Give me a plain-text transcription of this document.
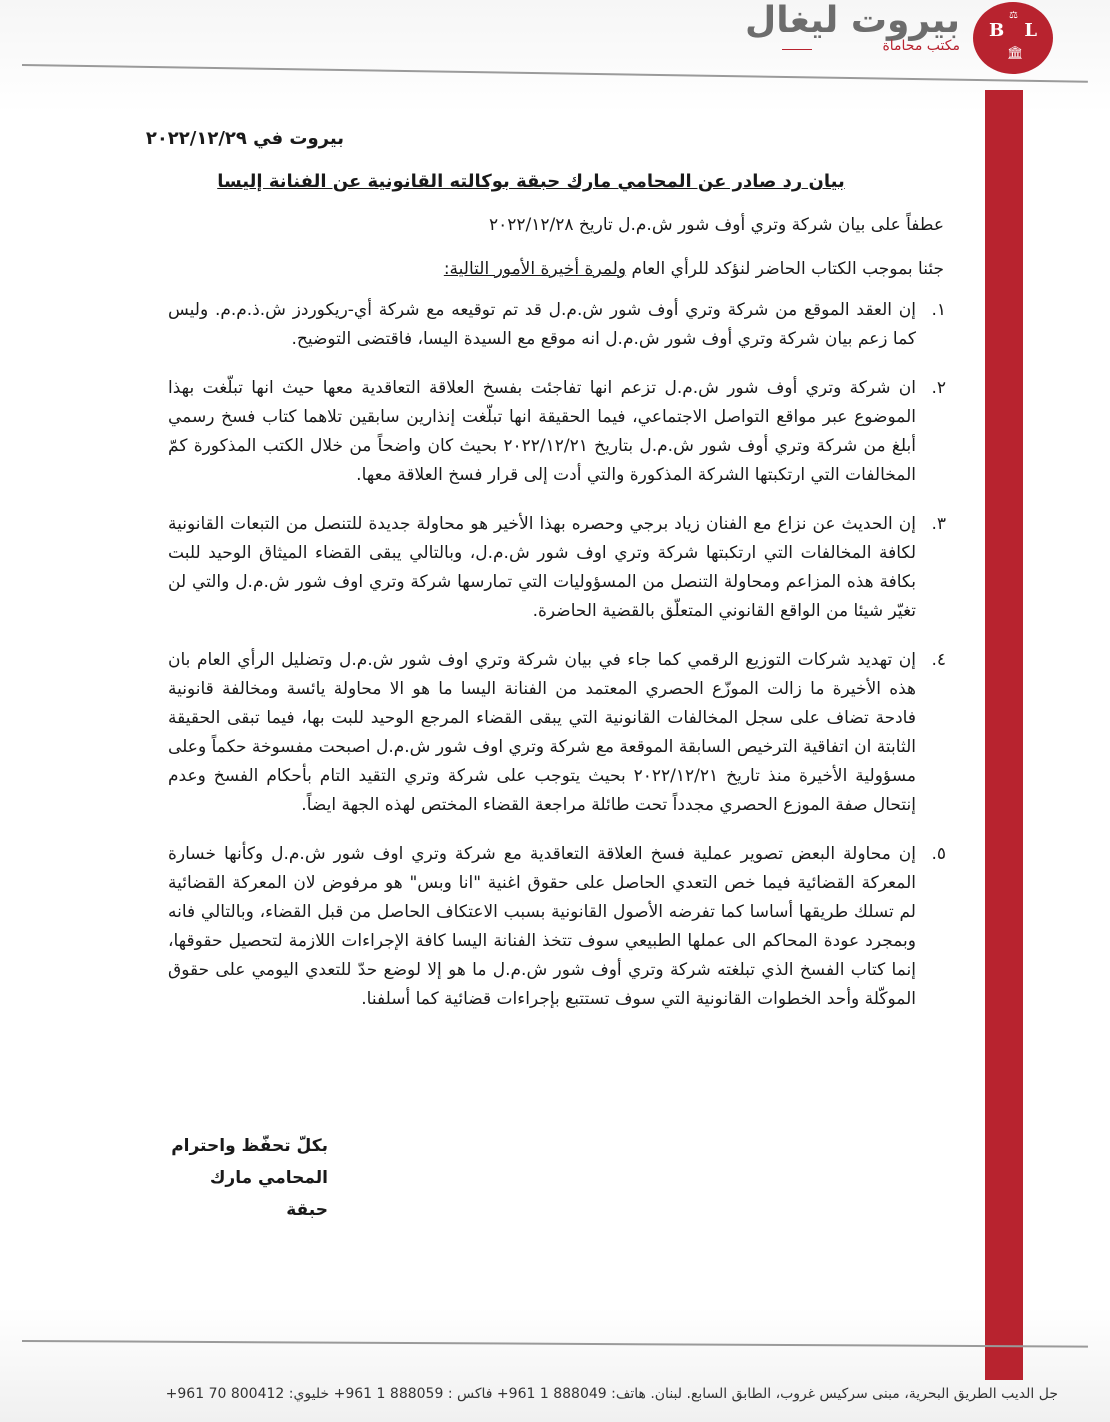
B
⚖
L
🏛
بيروت ليغال
مكتب محاماة
بيروت في ٢٠٢٢/١٢/٢٩
بيان رد صادر عن المحامي مارك حبقة بوكالته القانونية عن الفنانة إليسا

عطفاً على بيان شركة وتري أوف شور ش.م.ل تاريخ ٢٠٢٢/١٢/٢٨

جئنا بموجب الكتاب الحاضر لنؤكد للرأي العام ولمرة أخيرة الأمور التالية:

١.
إن العقد الموقع من شركة وتري أوف شور ش.م.ل قد تم توقيعه مع شركة أي-ريكوردز ش.ذ.م.م. وليس كما زعم بيان شركة وتري أوف شور ش.م.ل انه موقع مع السيدة اليسا، فاقتضى التوضيح.
٢.
ان شركة وتري أوف شور ش.م.ل تزعم انها تفاجئت بفسخ العلاقة التعاقدية معها حيث انها تبلّغت بهذا الموضوع عبر مواقع التواصل الاجتماعي، فيما الحقيقة انها تبلّغت إنذارين سابقين تلاهما كتاب فسخ رسمي أبلغ من شركة وتري أوف شور ش.م.ل بتاريخ ٢٠٢٢/١٢/٢١ بحيث كان واضحاً من خلال الكتب المذكورة كمّ المخالفات التي ارتكبتها الشركة المذكورة والتي أدت إلى قرار فسخ العلاقة معها.
٣.
إن الحديث عن نزاع مع الفنان زياد برجي وحصره بهذا الأخير هو محاولة جديدة للتنصل من التبعات القانونية لكافة المخالفات التي ارتكبتها شركة وتري اوف شور ش.م.ل، وبالتالي يبقى القضاء الميثاق الوحيد للبت بكافة هذه المزاعم ومحاولة التنصل من المسؤوليات التي تمارسها شركة وتري اوف شور ش.م.ل والتي لن تغيّر شيئا من الواقع القانوني المتعلّق بالقضية الحاضرة.
٤.
إن تهديد شركات التوزيع الرقمي كما جاء في بيان شركة وتري اوف شور ش.م.ل وتضليل الرأي العام بان هذه الأخيرة ما زالت الموزّع الحصري المعتمد من الفنانة اليسا ما هو الا محاولة يائسة ومخالفة قانونية فادحة تضاف على سجل المخالفات القانونية التي يبقى القضاء المرجع الوحيد للبت بها، فيما تبقى الحقيقة الثابتة ان اتفاقية الترخيص السابقة الموقعة مع شركة وتري اوف شور ش.م.ل اصبحت مفسوخة حكماً وعلى مسؤولية الأخيرة منذ تاريخ ٢٠٢٢/١٢/٢١ بحيث يتوجب على شركة وتري التقيد التام بأحكام الفسخ وعدم إنتحال صفة الموزع الحصري مجدداً تحت طائلة مراجعة القضاء المختص لهذه الجهة ايضاً.
٥.
إن محاولة البعض تصوير عملية فسخ العلاقة التعاقدية مع شركة وتري اوف شور ش.م.ل وكأنها خسارة المعركة القضائية فيما خص التعدي الحاصل على حقوق اغنية "انا وبس" هو مرفوض لان المعركة القضائية لم تسلك طريقها أساسا كما تفرضه الأصول القانونية بسبب الاعتكاف الحاصل من قبل القضاء، وبالتالي فانه وبمجرد عودة المحاكم الى عملها الطبيعي سوف تتخذ الفنانة اليسا كافة الإجراءات اللازمة لتحصيل حقوقها، إنما كتاب الفسخ الذي تبلغته شركة وتري أوف شور ش.م.ل ما هو إلا لوضع حدّ للتعدي اليومي على حقوق الموكّلة وأحد الخطوات القانونية التي سوف تستتبع بإجراءات قضائية كما أسلفنا.
بكلّ تحفّظ واحترام
المحامي مارك حبقة
جل الديب الطريق البحرية، مبنى سركيس غروب، الطابق السابع. لبنان. هاتف: 888049 1 961+ فاكس : 888059 1 961+ خليوي: 800412 70 961+
